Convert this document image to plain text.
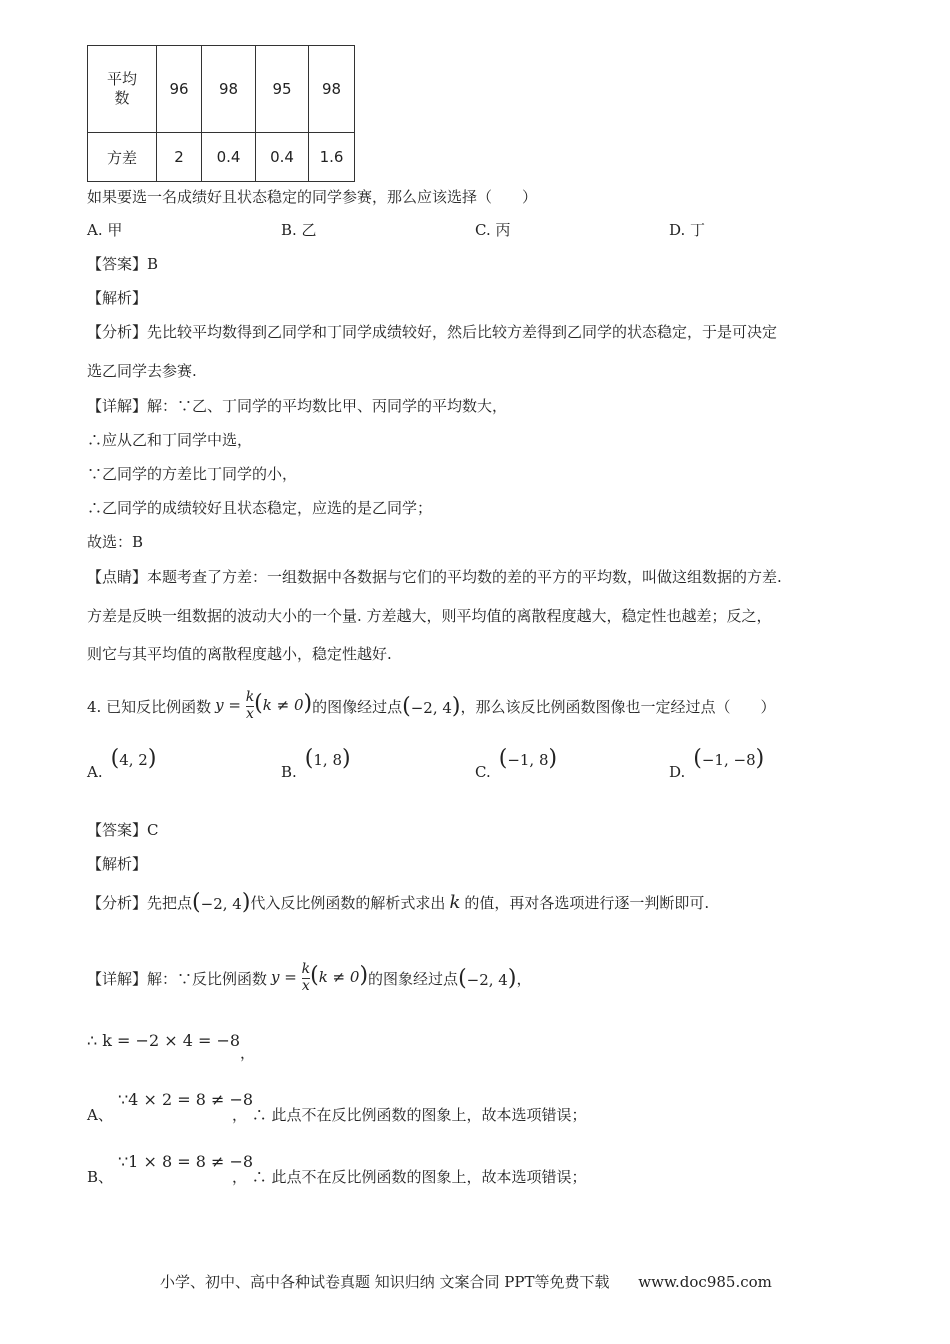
平均
数	96	98	95	98
方差	2	0.4	0.4	1.6
如果要选一名成绩好且状态稳定的同学参赛，那么应该选择（　　）
A. 甲	B. 乙	C. 丙	D. 丁
【答案】B
【解析】
【分析】先比较平均数得到乙同学和丁同学成绩较好，然后比较方差得到乙同学的状态稳定，于是可决定
选乙同学去参赛.
【详解】解：∵乙、丁同学的平均数比甲、丙同学的平均数大，
∴应从乙和丁同学中选，
∵乙同学的方差比丁同学的小，
∴乙同学的成绩较好且状态稳定，应选的是乙同学；
故选：B
【点睛】本题考查了方差：一组数据中各数据与它们的平均数的差的平方的平均数，叫做这组数据的方差.
方差是反映一组数据的波动大小的一个量. 方差越大，则平均值的离散程度越大，稳定性也越差；反之，
则它与其平均值的离散程度越小，稳定性越好.
4. 已知反比例函数 $y = \frac{k}{x} (k \ne 0)$ 的图像经过点 (−2, 4) ，那么该反比例函数图像也一定经过点（　　）
A.
(4, 2)
B.
(1, 8)
C.
(−1, 8)
D.
(−1, −8)
【答案】C
【解析】
【分析】 先把点 (−2, 4) 代入反比例函数的解析式求出 k 的值，再对各选项进行逐一判断即可.
【详解】 解：∵反比例函数 $y = \frac{k}{x} (k \ne 0)$ 的图象经过点 (−2, 4) ，
∴ k = −2 × 4 = −8，
A、
∵4 × 2 = 8 ≠ −8
， ∴ 此点不在反比例函数的图象上，故本选项错误；
B、
∵1 × 8 = 8 ≠ −8
， ∴ 此点不在反比例函数的图象上，故本选项错误；
小学、初中、高中各种试卷真题 知识归纳 文案合同 PPT等免费下载 www.doc985.com
